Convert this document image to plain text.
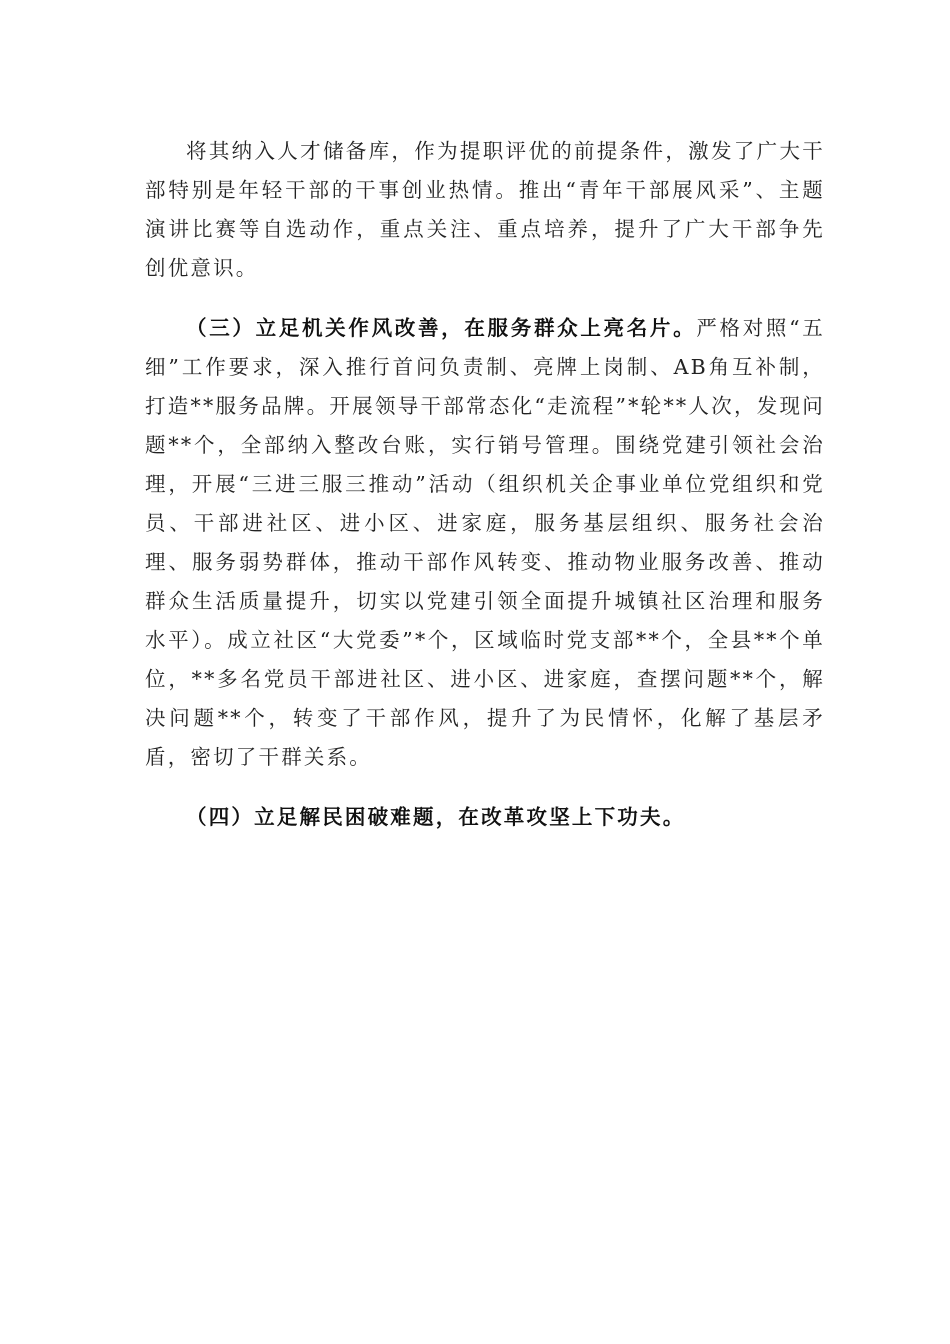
将其纳入人才储备库，作为提职评优的前提条件，激发了广大干部特别是年轻干部的干事创业热情。推出“青年干部展风采”、主题演讲比赛等自选动作，重点关注、重点培养，提升了广大干部争先创优意识。

（三）立足机关作风改善，在服务群众上亮名片。严格对照“五细”工作要求，深入推行首问负责制、亮牌上岗制、AB角互补制，打造**服务品牌。开展领导干部常态化“走流程”*轮**人次，发现问题**个，全部纳入整改台账，实行销号管理。围绕党建引领社会治理，开展“三进三服三推动”活动（组织机关企事业单位党组织和党员、干部进社区、进小区、进家庭，服务基层组织、服务社会治理、服务弱势群体，推动干部作风转变、推动物业服务改善、推动群众生活质量提升，切实以党建引领全面提升城镇社区治理和服务水平）。成立社区“大党委”*个，区域临时党支部**个，全县**个单位，**多名党员干部进社区、进小区、进家庭，查摆问题**个，解决问题**个，转变了干部作风，提升了为民情怀，化解了基层矛盾，密切了干群关系。

（四）立足解民困破难题，在改革攻坚上下功夫。
